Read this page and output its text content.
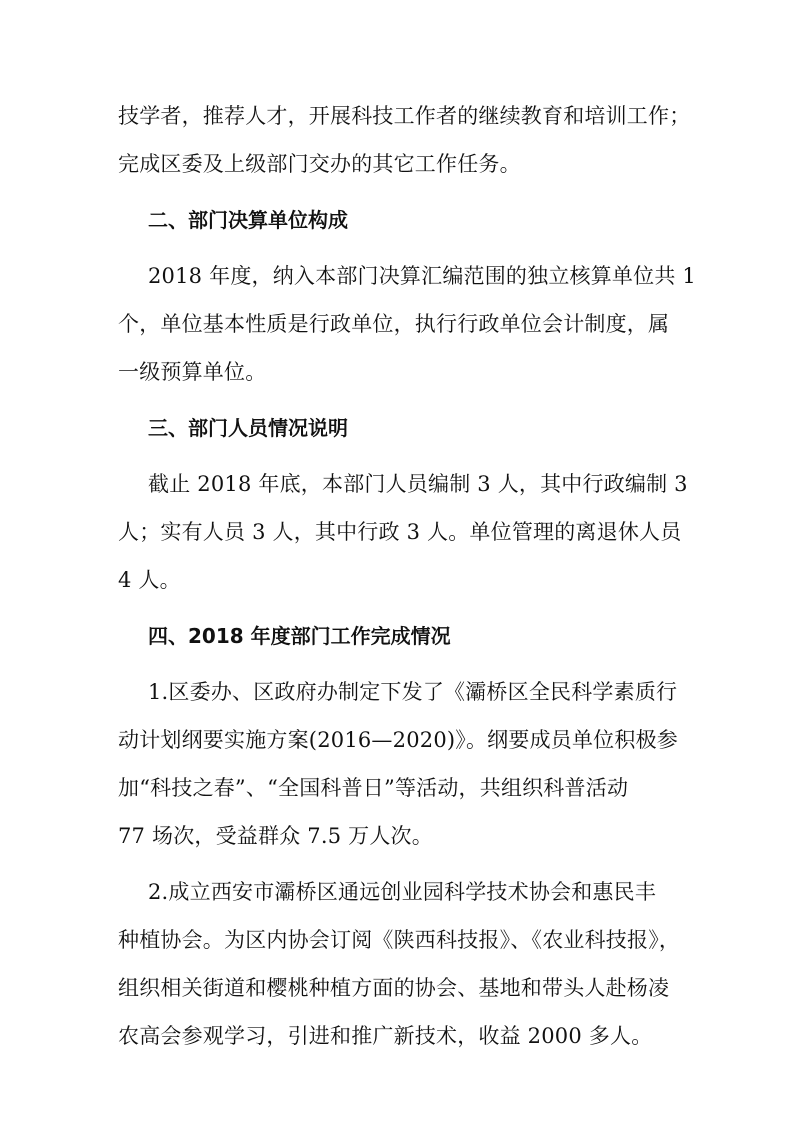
技学者，推荐人才，开展科技工作者的继续教育和培训工作；
完成区委及上级部门交办的其它工作任务。
二、部门决算单位构成
2018 年度，纳入本部门决算汇编范围的独立核算单位共 1
个，单位基本性质是行政单位，执行行政单位会计制度，属
一级预算单位。
三、部门人员情况说明
截止 2018 年底，本部门人员编制 3 人，其中行政编制 3
人；实有人员 3 人，其中行政 3 人。单位管理的离退休人员
4 人。
四、2018 年度部门工作完成情况
1.区委办、区政府办制定下发了《灞桥区全民科学素质行
动计划纲要实施方案(2016—2020)》。纲要成员单位积极参
加“科技之春”、“全国科普日”等活动，共组织科普活动
77 场次，受益群众 7.5 万人次。
2.成立西安市灞桥区通远创业园科学技术协会和惠民丰
种植协会。为区内协会订阅《陕西科技报》、《农业科技报》，
组织相关街道和樱桃种植方面的协会、基地和带头人赴杨凌
农高会参观学习，引进和推广新技术，收益 2000 多人。
